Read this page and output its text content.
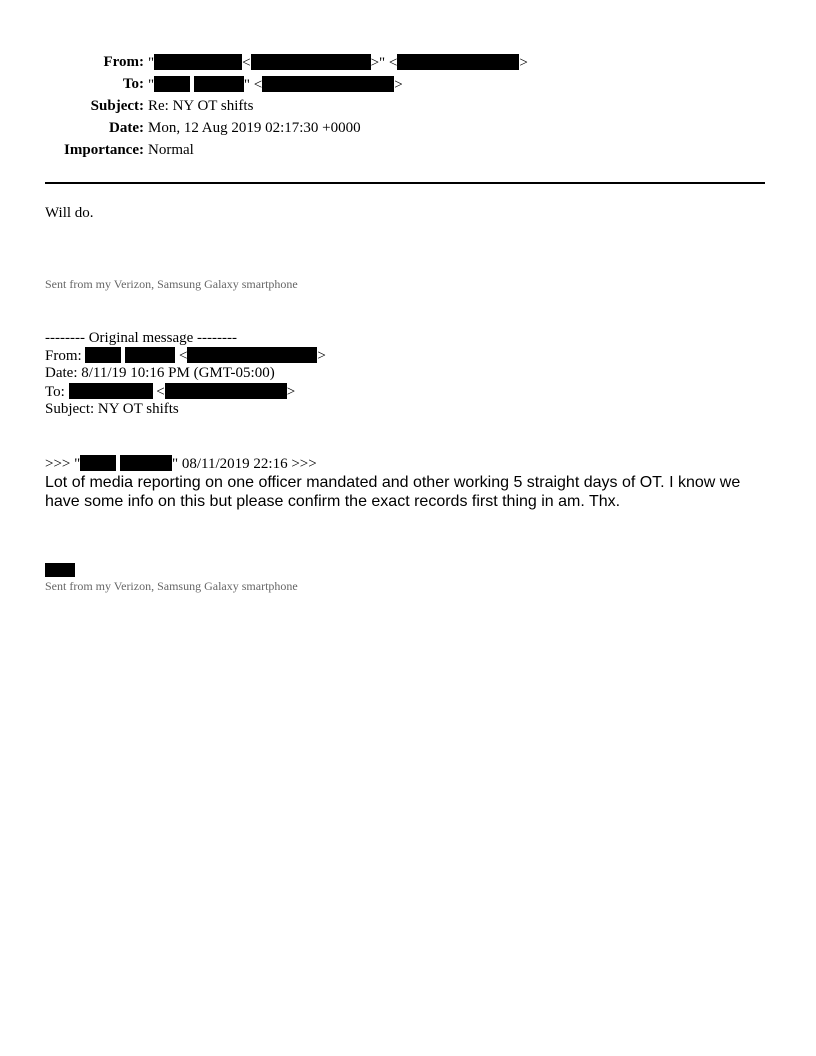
From: "	<	>" <	>
To: "	" <	>
Subject: Re: NY OT shifts
Date: Mon, 12 Aug 2019 02:17:30 +0000
Importance: Normal
Will do.
Sent from my Verizon, Samsung Galaxy smartphone
-------- Original message --------
From:	<	>
Date: 8/11/19 10:16 PM (GMT-05:00)
To:	<	>
Subject: NY OT shifts
>>> "	" 08/11/2019 22:16 >>>
Lot of media reporting on one officer mandated and other working 5 straight days of OT. I know we have some info on this but please confirm the exact records first thing in am. Thx.
Sent from my Verizon, Samsung Galaxy smartphone
